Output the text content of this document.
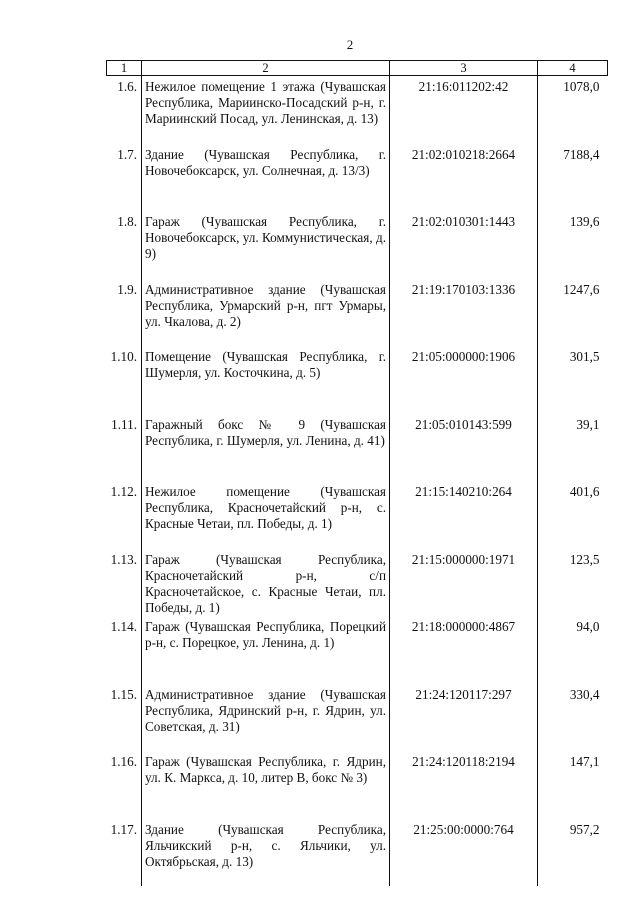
2
1	2	3	4
1.6.	Нежилое помещение 1 этажа (Чувашская Республика, Мариинско-Посадский р-н, г. Мариинский Посад, ул. Ленинская, д. 13)	21:16:011202:42	1078,0
1.7.	Здание (Чувашская Республика, г. Новочебоксарск, ул. Солнечная, д. 13/3)	21:02:010218:2664	7188,4
1.8.	Гараж (Чувашская Республика, г. Новочебоксарск, ул. Коммунистическая, д. 9)	21:02:010301:1443	139,6
1.9.	Административное здание (Чувашская Республика, Урмарский р-н, пгт Урмары, ул. Чкалова, д. 2)	21:19:170103:1336	1247,6
1.10.	Помещение (Чувашская Республика, г. Шумерля, ул. Косточкина, д. 5)	21:05:000000:1906	301,5
1.11.	Гаражный бокс № 9 (Чувашская Республика, г. Шумерля, ул. Ленина, д. 41)	21:05:010143:599	39,1
1.12.	Нежилое помещение (Чувашская Республика, Красночетайский р-н, с. Красные Четаи, пл. Победы, д. 1)	21:15:140210:264	401,6
1.13.	Гараж (Чувашская Республика, Красночетайский р-н, с/п Красночетайское, с. Красные Четаи, пл. Победы, д. 1)	21:15:000000:1971	123,5
1.14.	Гараж (Чувашская Республика, Порецкий р-н, с. Порецкое, ул. Ленина, д. 1)	21:18:000000:4867	94,0
1.15.	Административное здание (Чувашская Республика, Ядринский р-н, г. Ядрин, ул. Советская, д. 31)	21:24:120117:297	330,4
1.16.	Гараж (Чувашская Республика, г. Ядрин, ул. К. Маркса, д. 10, литер В, бокс № 3)	21:24:120118:2194	147,1
1.17.	Здание (Чувашская Республика, Яльчикский р-н, с. Яльчики, ул. Октябрьская, д. 13)	21:25:00:0000:764	957,2
